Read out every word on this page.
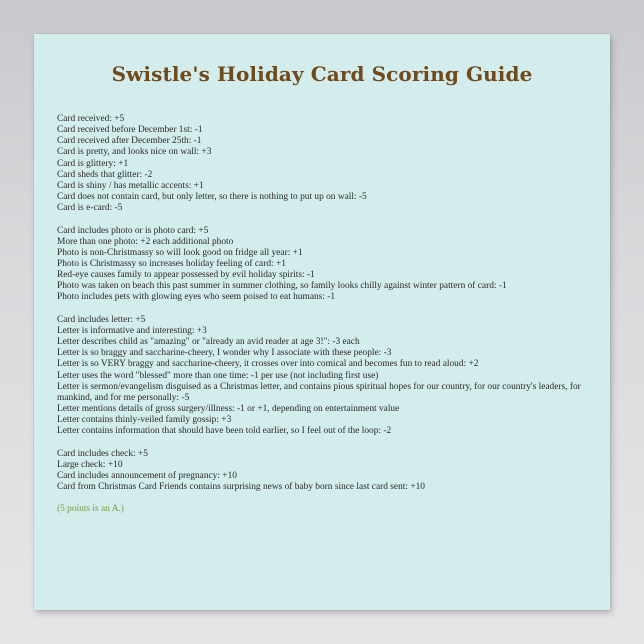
Swistle's Holiday Card Scoring Guide
Card received: +5
Card received before December 1st: -1
Card received after December 25th: -1
Card is pretty, and looks nice on wall: +3
Card is glittery: +1
Card sheds that glitter: -2
Card is shiny / has metallic accents: +1
Card does not contain card, but only letter, so there is nothing to put up on wall: -5
Card is e-card: -5
Card includes photo or is photo card: +5
More than one photo: +2 each additional photo
Photo is non-Christmassy so will look good on fridge all year: +1
Photo is Christmassy so increases holiday feeling of card: +1
Red-eye causes family to appear possessed by evil holiday spirits: -1
Photo was taken on beach this past summer in summer clothing, so family looks chilly against winter pattern of card: -1
Photo includes pets with glowing eyes who seem poised to eat humans: -1
Card includes letter: +5
Letter is informative and interesting: +3
Letter describes child as "amazing" or "already an avid reader at age 3!": -3 each
Letter is so braggy and saccharine-cheery, I wonder why I associate with these people: -3
Letter is so VERY braggy and saccharine-cheery, it crosses over into comical and becomes fun to read aloud: +2
Letter uses the word "blessed" more than one time: -1 per use (not including first use)
Letter is sermon/evangelism disguised as a Christmas letter, and contains pious spiritual hopes for our country, for our country's leaders, for mankind, and for me personally: -5
Letter mentions details of gross surgery/illness: -1 or +1, depending on entertainment value
Letter contains thinly-veiled family gossip: +3
Letter contains information that should have been told earlier, so I feel out of the loop: -2
Card includes check: +5
Large check: +10
Card includes announcement of pregnancy: +10
Card from Christmas Card Friends contains surprising news of baby born since last card sent: +10
(5 points is an A.)
